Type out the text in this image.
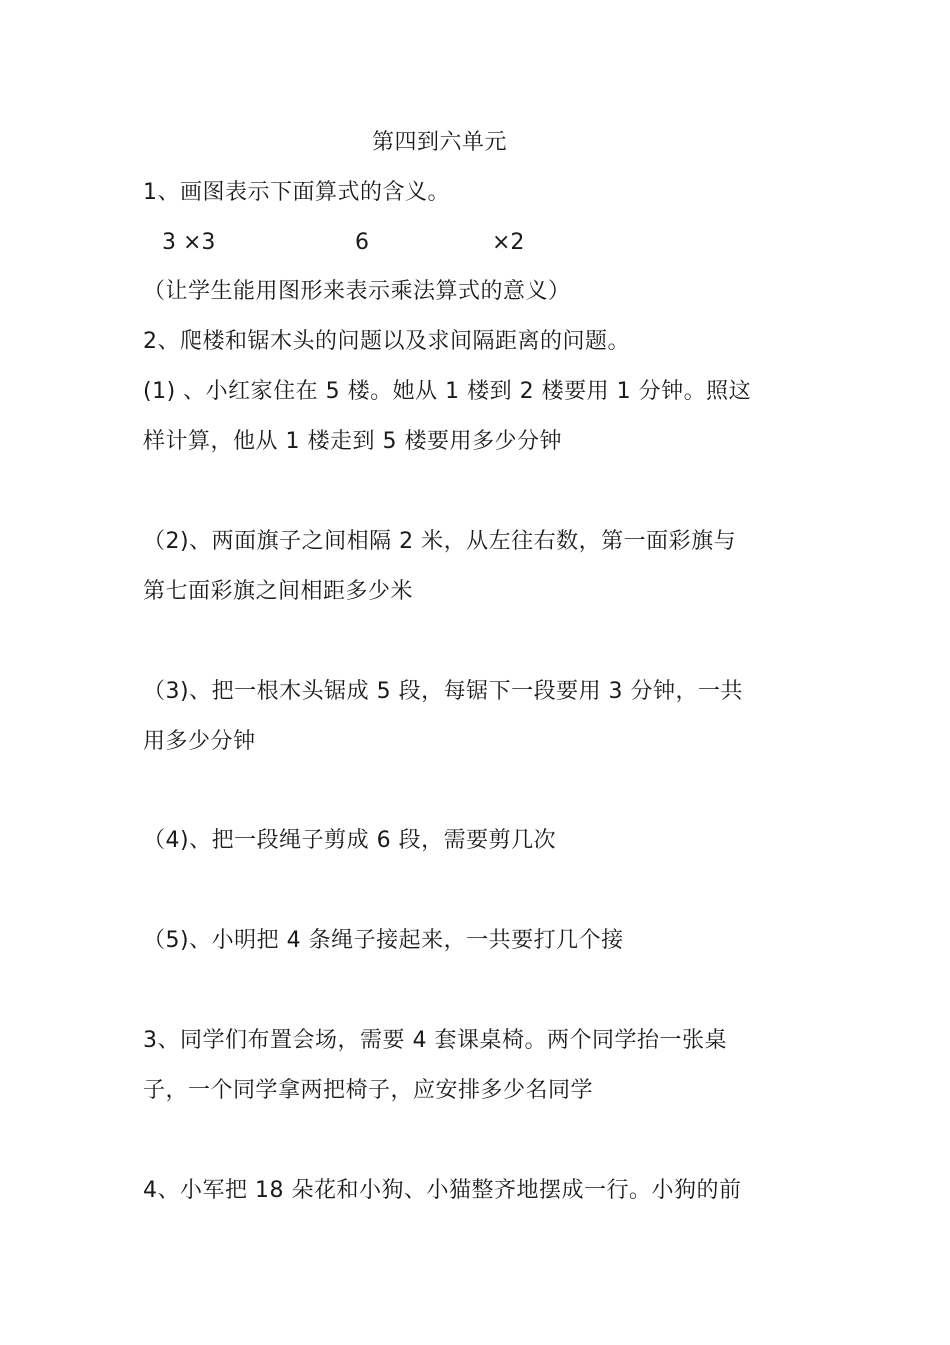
第四到六单元
1、画图表示下面算式的含义。
3 ×3	6	×2
（让学生能用图形来表示乘法算式的意义）
2、爬楼和锯木头的问题以及求间隔距离的问题。
(1) 、小红家住在 5 楼。她从 1 楼到 2 楼要用 1 分钟。照这
样计算，他从 1 楼走到 5 楼要用多少分钟
（2)、两面旗子之间相隔 2 米，从左往右数，第一面彩旗与
第七面彩旗之间相距多少米
（3)、把一根木头锯成 5 段，每锯下一段要用 3 分钟，一共
用多少分钟
（4)、把一段绳子剪成 6 段，需要剪几次
（5)、小明把 4 条绳子接起来，一共要打几个接
3、同学们布置会场，需要 4 套课桌椅。两个同学抬一张桌
子，一个同学拿两把椅子，应安排多少名同学
4、小军把 18 朵花和小狗、小猫整齐地摆成一行。小狗的前
